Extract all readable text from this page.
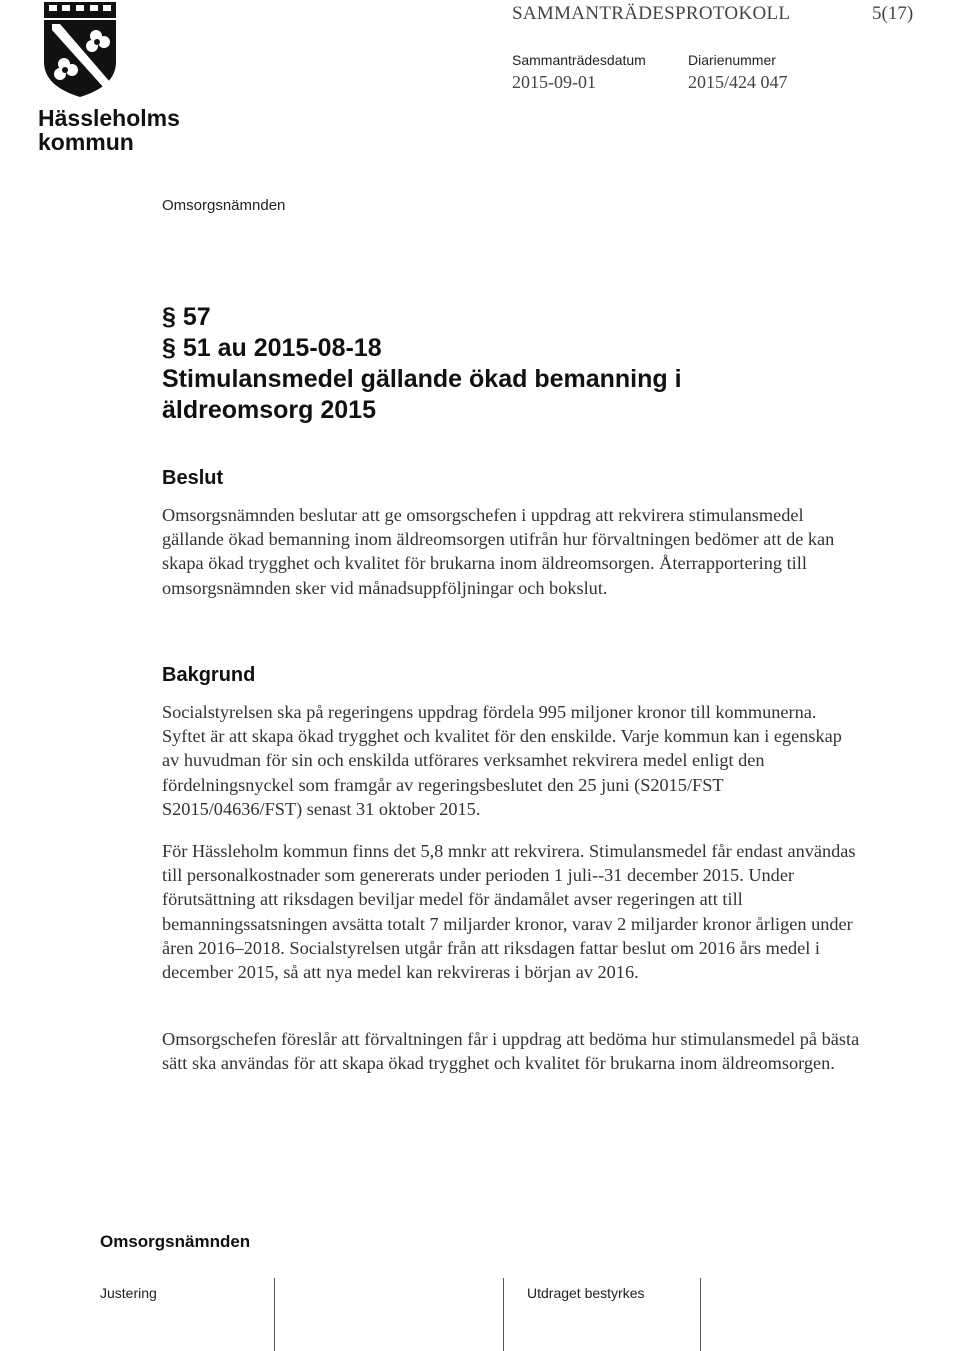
Hässleholms
kommun
SAMMANTRÄDESPROTOKOLL	5(17)
Sammanträdesdatum	Diarienummer
2015-09-01	2015/424 047
Omsorgsnämnden
§ 57
§ 51 au 2015-08-18
Stimulansmedel gällande ökad bemanning i
äldreomsorg 2015
Beslut
Omsorgsnämnden beslutar att ge omsorgschefen i uppdrag att rekvirera stimulansmedel gällande ökad bemanning inom äldreomsorgen utifrån hur förvaltningen bedömer att de kan skapa ökad trygghet och kvalitet för brukarna inom äldreomsorgen. Återrapportering till omsorgsnämnden sker vid månadsuppföljningar och bokslut.
Bakgrund
Socialstyrelsen ska på regeringens uppdrag fördela 995 miljoner kronor till kommunerna. Syftet är att skapa ökad trygghet och kvalitet för den enskilde. Varje kommun kan i egenskap av huvudman för sin och enskilda utförares verksamhet rekvirera medel enligt den fördelningsnyckel som framgår av regeringsbeslutet den 25 juni (S2015/FST S2015/04636/FST) senast 31 oktober 2015.
För Hässleholm kommun finns det 5,8 mnkr att rekvirera. Stimulansmedel får endast användas till personalkostnader som genererats under perioden 1 juli--31 december 2015. Under förutsättning att riksdagen beviljar medel för ändamålet avser regeringen att till bemanningssatsningen avsätta totalt 7 miljarder kronor, varav 2 miljarder kronor årligen under åren 2016–2018. Socialstyrelsen utgår från att riksdagen fattar beslut om 2016 års medel i december 2015, så att nya medel kan rekvireras i början av 2016.
Omsorgschefen föreslår att förvaltningen får i uppdrag att bedöma hur stimulansmedel på bästa sätt ska användas för att skapa ökad trygghet och kvalitet för brukarna inom äldreomsorgen.
Omsorgsnämnden
Justering	Utdraget bestyrkes
